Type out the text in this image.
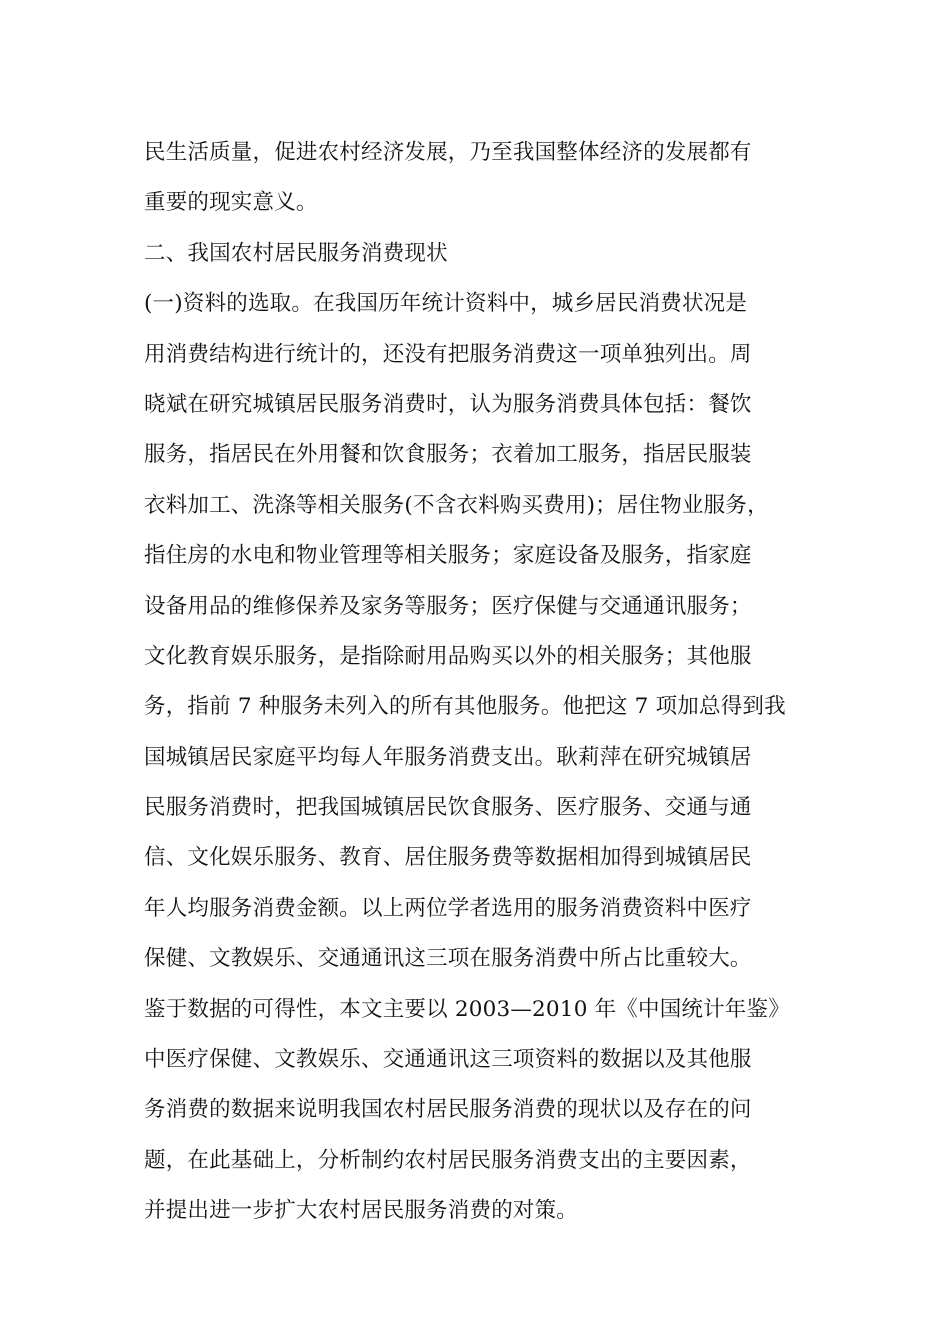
民生活质量，促进农村经济发展，乃至我国整体经济的发展都有
重要的现实意义。
二、我国农村居民服务消费现状
(一)资料的选取。在我国历年统计资料中，城乡居民消费状况是
用消费结构进行统计的，还没有把服务消费这一项单独列出。周
晓斌在研究城镇居民服务消费时，认为服务消费具体包括：餐饮
服务，指居民在外用餐和饮食服务；衣着加工服务，指居民服装
衣料加工、洗涤等相关服务(不含衣料购买费用)；居住物业服务，
指住房的水电和物业管理等相关服务；家庭设备及服务，指家庭
设备用品的维修保养及家务等服务；医疗保健与交通通讯服务；
文化教育娱乐服务，是指除耐用品购买以外的相关服务；其他服
务，指前 7 种服务未列入的所有其他服务。他把这 7 项加总得到我
国城镇居民家庭平均每人年服务消费支出。耿莉萍在研究城镇居
民服务消费时，把我国城镇居民饮食服务、医疗服务、交通与通
信、文化娱乐服务、教育、居住服务费等数据相加得到城镇居民
年人均服务消费金额。以上两位学者选用的服务消费资料中医疗
保健、文教娱乐、交通通讯这三项在服务消费中所占比重较大。
鉴于数据的可得性，本文主要以 2003—2010 年《中国统计年鉴》
中医疗保健、文教娱乐、交通通讯这三项资料的数据以及其他服
务消费的数据来说明我国农村居民服务消费的现状以及存在的问
题，在此基础上，分析制约农村居民服务消费支出的主要因素，
并提出进一步扩大农村居民服务消费的对策。
